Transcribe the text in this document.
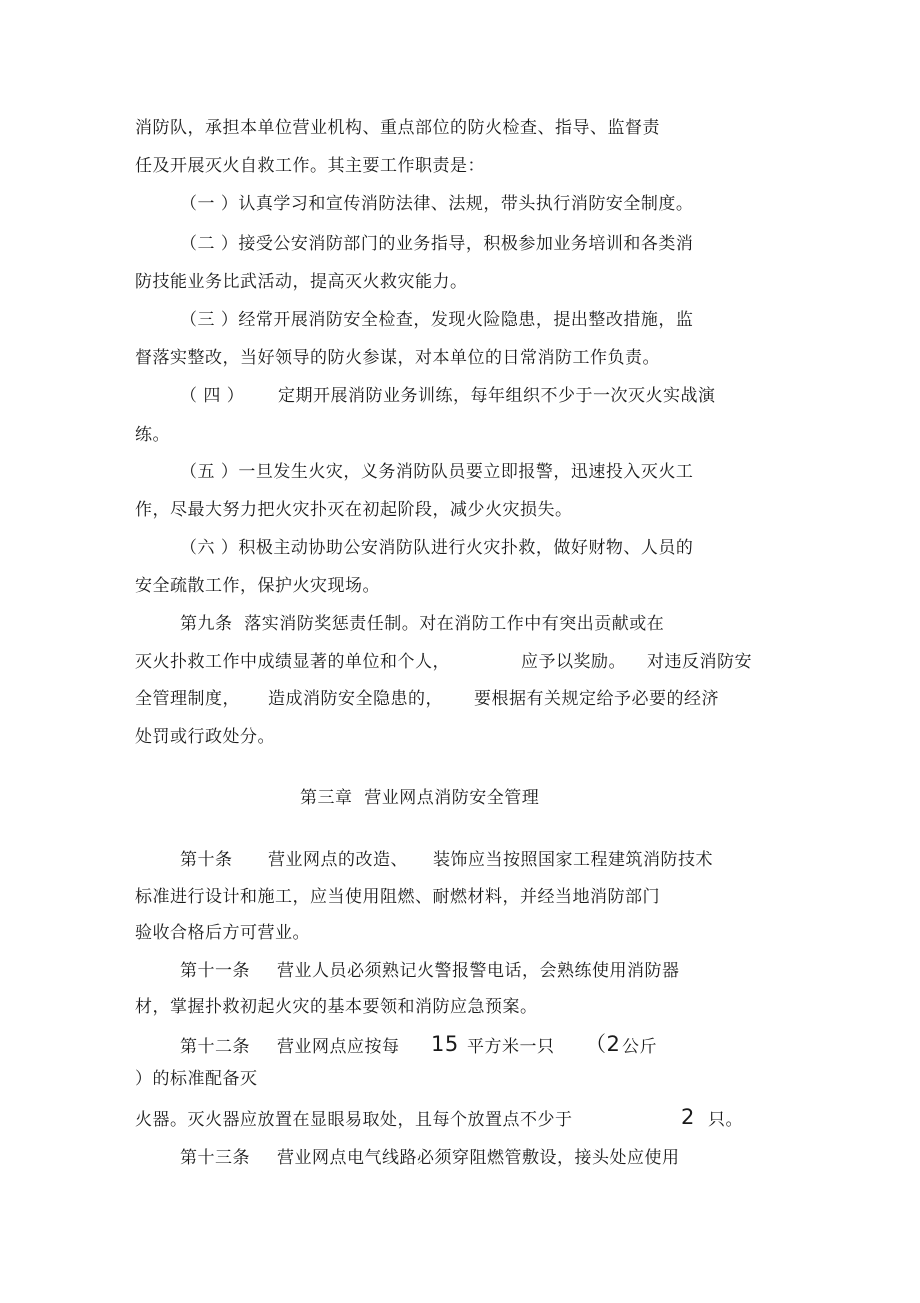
消防队，承担本单位营业机构、重点部位的防火检查、指导、监督责
任及开展灭火自救工作。其主要工作职责是：
（一 ）认真学习和宣传消防法律、法规，带头执行消防安全制度。
（二 ）接受公安消防部门的业务指导，积极参加业务培训和各类消
防技能业务比武活动，提高灭火救灾能力。
（三 ）经常开展消防安全检查，发现火险隐患，提出整改措施，监
督落实整改，当好领导的防火参谋，对本单位的日常消防工作负责。
（ 四 ） 定期开展消防业务训练，每年组织不少于一次灭火实战演
练。
（五 ）一旦发生火灾，义务消防队员要立即报警，迅速投入灭火工
作，尽最大努力把火灾扑灭在初起阶段，减少火灾损失。
（六 ）积极主动协助公安消防队进行火灾扑救，做好财物、人员的
安全疏散工作，保护火灾现场。
第九条  落实消防奖惩责任制。对在消防工作中有突出贡献或在
灭火扑救工作中成绩显著的单位和个人，	应予以奖励。 对违反消防安
全管理制度， 造成消防安全隐患的， 要根据有关规定给予必要的经济
处罚或行政处分。
第三章  营业网点消防安全管理
第十条 营业网点的改造、 装饰应当按照国家工程建筑消防技术
标准进行设计和施工，应当使用阻燃、耐燃材料，并经当地消防部门
验收合格后方可营业。
第十一条 营业人员必须熟记火警报警电话，会熟练使用消防器
材，掌握扑救初起火灾的基本要领和消防应急预案。
第十二条 营业网点应按每 15 平方米一只 （2 公斤
）的标准配备灭
火器。灭火器应放置在显眼易取处，且每个放置点不少于	2 只。
第十三条 营业网点电气线路必须穿阻燃管敷设，接头处应使用
